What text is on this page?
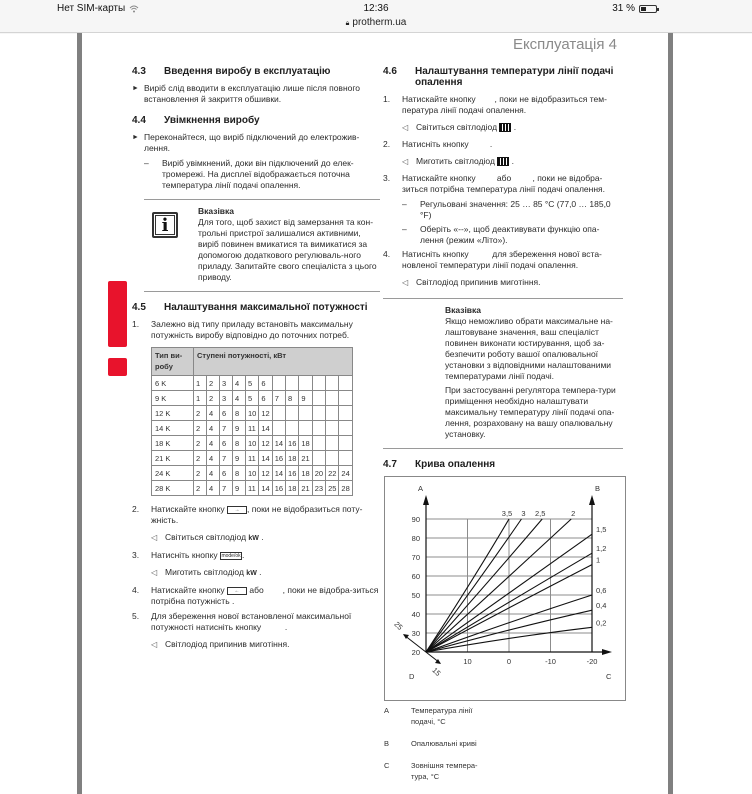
Нет SIM-карты	12:36	31 %
🔒︎ protherm.ua
Експлуатація 4
4.3	Введення виробу в експлуатацію
► Виріб слід вводити в експлуатацію лише після повного встановлення й закриття обшивки.
4.4	Увімкнення виробу
► Переконайтеся, що виріб підключений до електрожив-лення.
–	Виріб увімкнений, доки він підключений до елек-тромережі. На дисплеї відображається поточна температура лінії подачі опалення.
i
Вказівка
Для того, щоб захист від замерзання та кон-трольні пристрої залишалися активними, виріб повинен вмикатися та вимикатися за допомогою додаткового регулюваль-ного приладу. Запитайте свого спеціаліста з цього приводу.
4.5	Налаштування максимальної потужності
1.	Залежно від типу приладу встановіть максимальну потужність виробу відповідно до поточних потреб.
Тип ви-робу	Ступені потужності, кВт											
6 K	1	2	3	4	5	6						
9 K	1	2	3	4	5	6	7	8	9			
12 K	2	4	6	8	10	12						
14 K	2	4	7	9	11	14						
18 K	2	4	6	8	10	12	14	16	18			
21 K	2	4	7	9	11	14	16	18	21			
24 K	2	4	6	8	10	12	14	16	18	20	22	24
28 K	2	4	7	9	11	14	16	18	21	23	25	28
2.	Натискайте кнопку → , поки не відобразиться поту-жність.
◁ Світиться світлодіод kW .
3.	Натисніть кнопку mode/ok.
◁ Миготить світлодіод kW .
4.	Натискайте кнопку ← або , поки не відобра-зиться потрібна потужність .
5.	Для збереження нової встановленої максимальної потужності натисніть кнопку	.
◁ Світлодіод припинив миготіння.
4.6	Налаштування температури лінії подачі опалення
1.	Натискайте кнопку        , поки не відобразиться тем-пература лінії подачі опалення.
◁ Світиться світлодіод  .
2.	Натисніть кнопку         .
◁ Миготить світлодіод  .
3.	Натискайте кнопку         або         , поки не відобра-зиться потрібна температура лінії подачі опалення.
–	Регульовані значення: 25 … 85 °C (77,0 … 185,0 °F)
–	Оберіть «--», щоб деактивувати функцію опа-лення (режим «Літо»).
4.	Натисніть кнопку          для збереження нової вста-новленої температури лінії подачі опалення.
◁ Світлодіод припинив миготіння.
Вказівка
Якщо неможливо обрати максимальне на-лаштовуване значення, ваш спеціаліст повинен виконати юстирування, щоб за-безпечити роботу вашої опалювальної установки з відповідними налаштованими температурами лінії подачі.
При застосуванні регулятора темпера-тури приміщення необхідно налаштувати максимальну температуру лінії подачі опа-лення, розраховану на вашу опалювальну установку.
4.7	Крива опалення
25
15
20
30
40
50
60
70
80
90
10	0	-10	-20
A	B
C
D
3,5 3 2,5	2
1,5
1,2
1
0,6
0,4
0,2
A	Температура лінії подачі, °C
B	Опалювальні криві
C	Зовнішня темпера-тура, °C
